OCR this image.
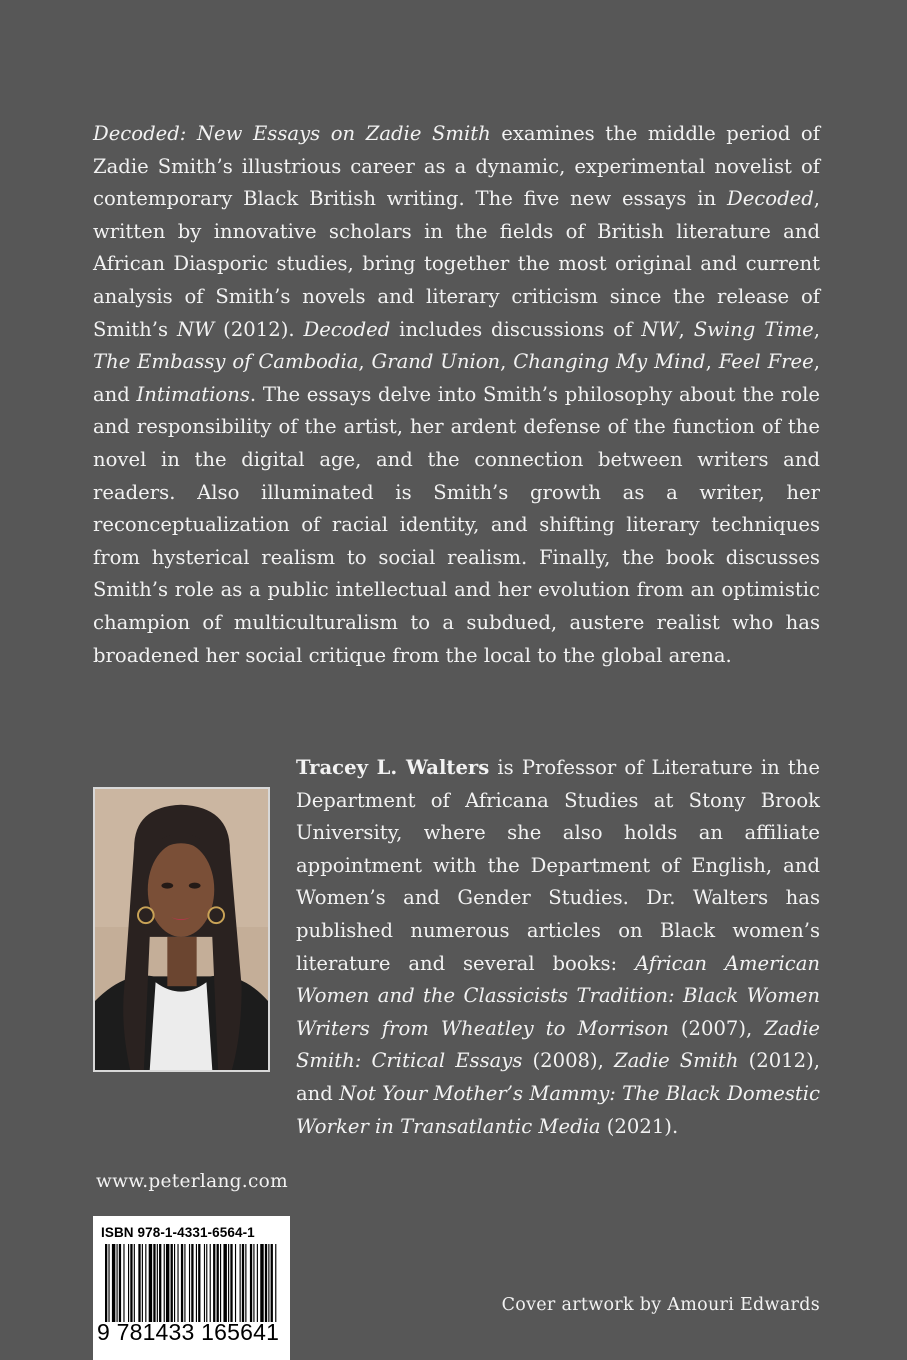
Decoded: New Essays on Zadie Smith examines the middle period of Zadie Smith’s illustrious career as a dynamic, experimental novelist of contemporary Black British writing. The five new essays in Decoded, written by innovative scholars in the fields of British literature and African Diasporic studies, bring together the most original and current analysis of Smith’s novels and literary criticism since the release of Smith’s NW (2012). Decoded includes discussions of NW, Swing Time, The Embassy of Cambodia, Grand Union, Changing My Mind, Feel Free, and Intimations. The essays delve into Smith’s philosophy about the role and responsibility of the artist, her ardent defense of the function of the novel in the digital age, and the connection between writers and readers. Also illuminated is Smith’s growth as a writer, her reconceptualization of racial identity, and shifting literary techniques from hysterical realism to social realism. Finally, the book discusses Smith’s role as a public intellectual and her evolution from an optimistic champion of multiculturalism to a subdued, austere realist who has broadened her social critique from the local to the global arena.

Tracey L. Walters is Professor of Literature in the Department of Africana Studies at Stony Brook University, where she also holds an affiliate appointment with the Department of English, and Women’s and Gender Studies. Dr. Walters has published numerous articles on Black women’s literature and several books: African American Women and the Classicists Tradition: Black Women Writers from Wheatley to Morrison (2007), Zadie Smith: Critical Essays (2008), Zadie Smith (2012), and Not Your Mother’s Mammy: The Black Domestic Worker in Transatlantic Media (2021).

www.peterlang.com
ISBN 978-1-4331-6564-1
9 781433 165641
Cover artwork by Amouri Edwards
